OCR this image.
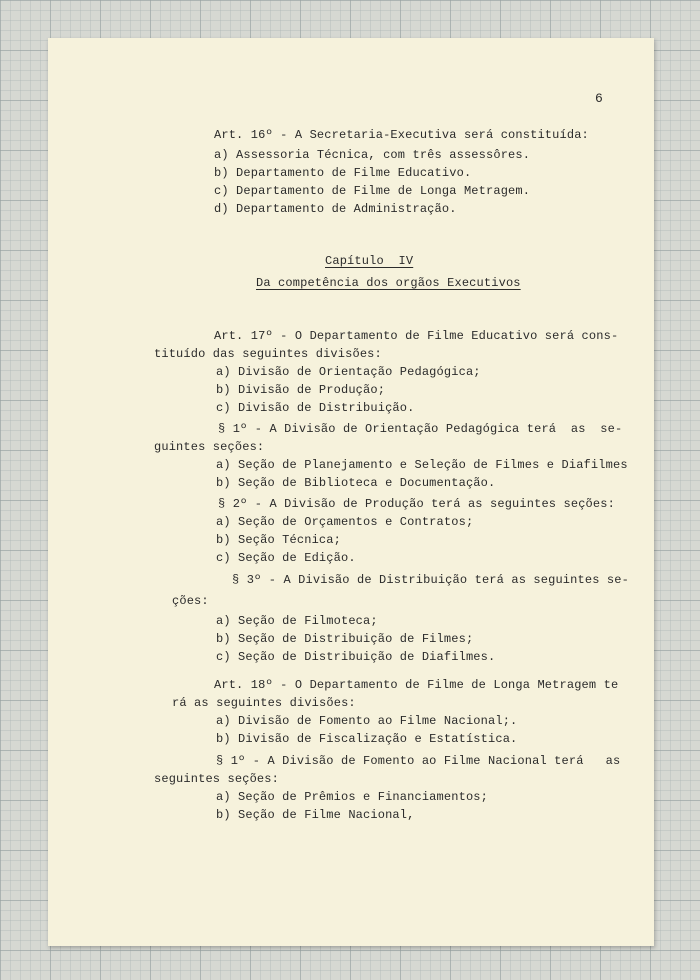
6
Art. 16º - A Secretaria-Executiva será constituída:
a) Assessoria Técnica, com três assessôres.
b) Departamento de Filme Educativo.
c) Departamento de Filme de Longa Metragem.
d) Departamento de Administração.
Capítulo  IV
Da competência dos orgãos Executivos
Art. 17º - O Departamento de Filme Educativo será cons-
tituído das seguintes divisões:
a) Divisão de Orientação Pedagógica;
b) Divisão de Produção;
c) Divisão de Distribuição.
§ 1º - A Divisão de Orientação Pedagógica terá  as  se-
guintes seções:
a) Seção de Planejamento e Seleção de Filmes e Diafilmes
b) Seção de Biblioteca e Documentação.
§ 2º - A Divisão de Produção terá as seguintes seções:
a) Seção de Orçamentos e Contratos;
b) Seção Técnica;
c) Seção de Edição.
§ 3º - A Divisão de Distribuição terá as seguintes se-
ções:
a) Seção de Filmoteca;
b) Seção de Distribuição de Filmes;
c) Seção de Distribuição de Diafilmes.
Art. 18º - O Departamento de Filme de Longa Metragem te
rá as seguintes divisões:
a) Divisão de Fomento ao Filme Nacional;.
b) Divisão de Fiscalização e Estatística.
§ 1º - A Divisão de Fomento ao Filme Nacional terá   as
seguintes seções:
a) Seção de Prêmios e Financiamentos;
b) Seção de Filme Nacional,
